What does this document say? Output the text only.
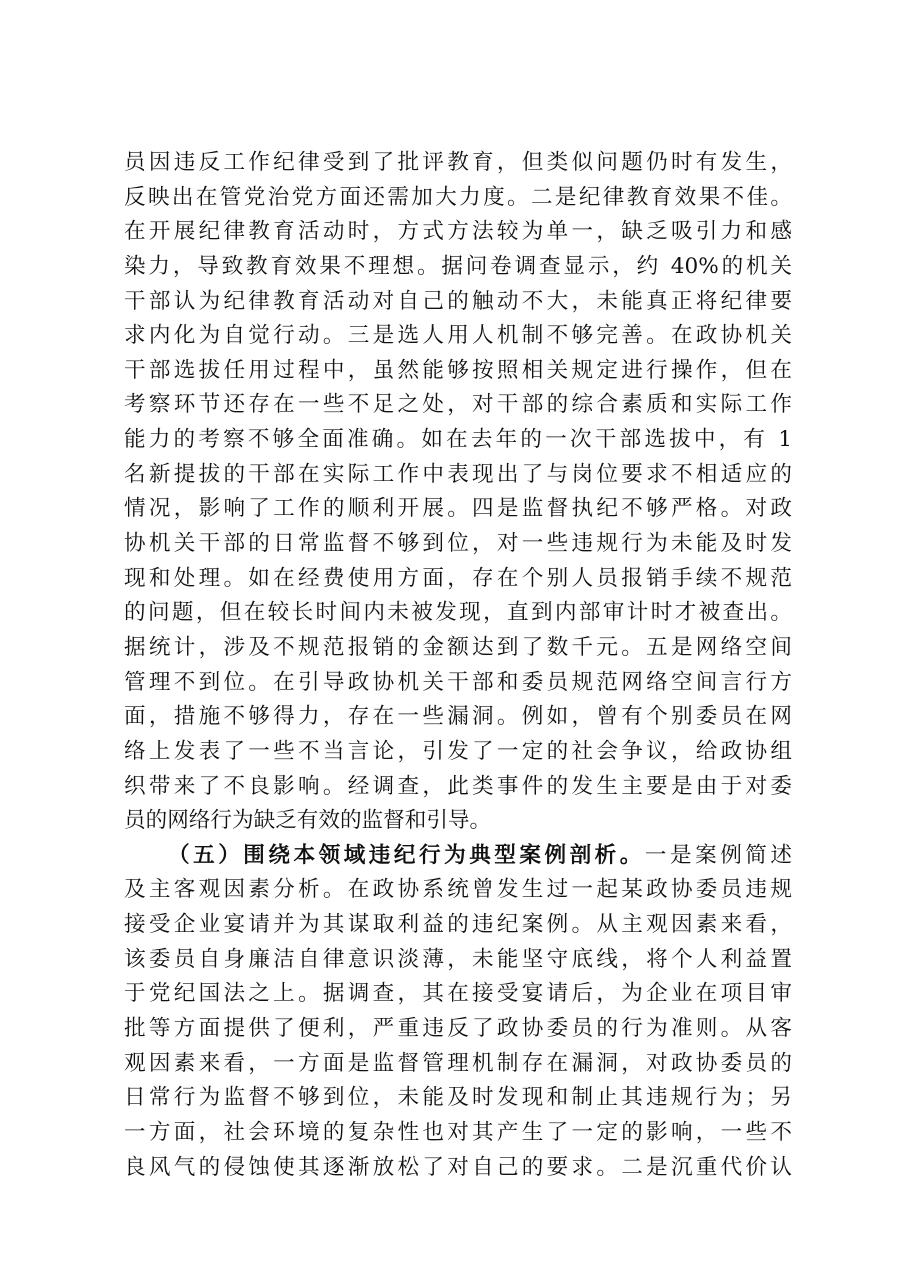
员因违反工作纪律受到了批评教育，但类似问题仍时有发生，
反映出在管党治党方面还需加大力度。二是纪律教育效果不佳。
在开展纪律教育活动时，方式方法较为单一，缺乏吸引力和感
染力，导致教育效果不理想。据问卷调查显示，约 40%的机关
干部认为纪律教育活动对自己的触动不大，未能真正将纪律要
求内化为自觉行动。三是选人用人机制不够完善。在政协机关
干部选拔任用过程中，虽然能够按照相关规定进行操作，但在
考察环节还存在一些不足之处，对干部的综合素质和实际工作
能力的考察不够全面准确。如在去年的一次干部选拔中，有 1
名新提拔的干部在实际工作中表现出了与岗位要求不相适应的
情况，影响了工作的顺利开展。四是监督执纪不够严格。对政
协机关干部的日常监督不够到位，对一些违规行为未能及时发
现和处理。如在经费使用方面，存在个别人员报销手续不规范
的问题，但在较长时间内未被发现，直到内部审计时才被查出。
据统计，涉及不规范报销的金额达到了数千元。五是网络空间
管理不到位。在引导政协机关干部和委员规范网络空间言行方
面，措施不够得力，存在一些漏洞。例如，曾有个别委员在网
络上发表了一些不当言论，引发了一定的社会争议，给政协组
织带来了不良影响。经调查，此类事件的发生主要是由于对委
员的网络行为缺乏有效的监督和引导。
（五）围绕本领域违纪行为典型案例剖析。一是案例简述
及主客观因素分析。在政协系统曾发生过一起某政协委员违规
接受企业宴请并为其谋取利益的违纪案例。从主观因素来看，
该委员自身廉洁自律意识淡薄，未能坚守底线，将个人利益置
于党纪国法之上。据调查，其在接受宴请后，为企业在项目审
批等方面提供了便利，严重违反了政协委员的行为准则。从客
观因素来看，一方面是监督管理机制存在漏洞，对政协委员的
日常行为监督不够到位，未能及时发现和制止其违规行为；另
一方面，社会环境的复杂性也对其产生了一定的影响，一些不
良风气的侵蚀使其逐渐放松了对自己的要求。二是沉重代价认
